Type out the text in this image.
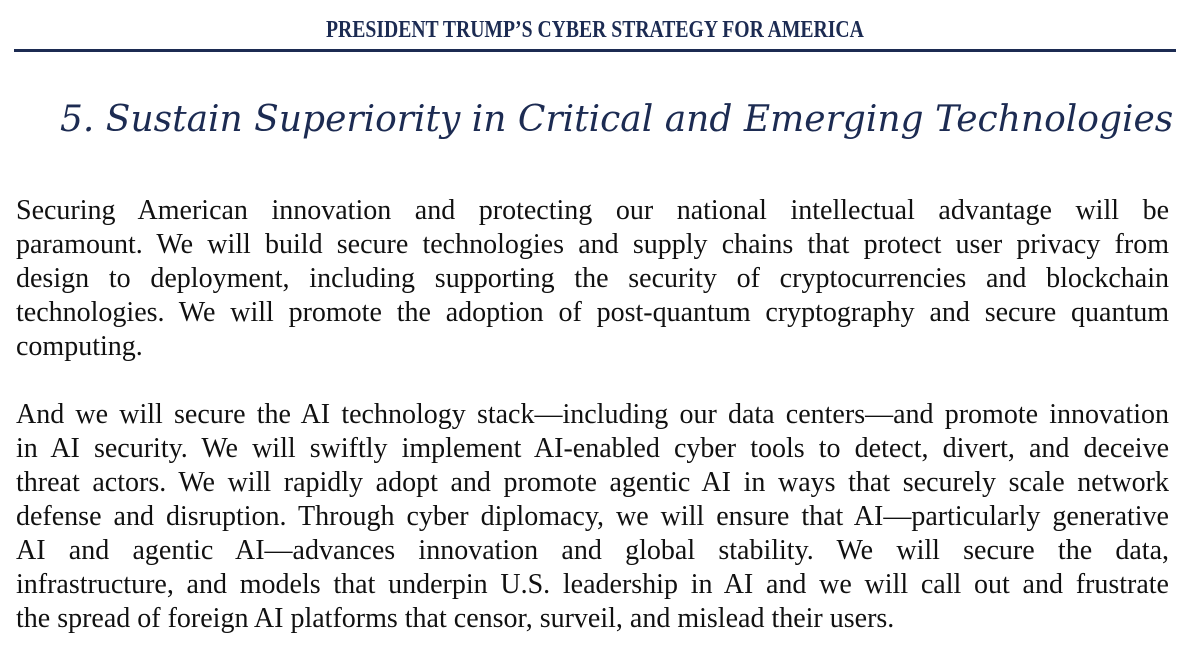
PRESIDENT TRUMP’S CYBER STRATEGY FOR AMERICA
5. Sustain Superiority in Critical and Emerging Technologies
Securing American innovation and protecting our national intellectual advantage will be
paramount. We will build secure technologies and supply chains that protect user privacy from
design to deployment, including supporting the security of cryptocurrencies and blockchain
technologies. We will promote the adoption of post-quantum cryptography and secure quantum
computing.
And we will secure the AI technology stack—including our data centers—and promote innovation
in AI security. We will swiftly implement AI-enabled cyber tools to detect, divert, and deceive
threat actors. We will rapidly adopt and promote agentic AI in ways that securely scale network
defense and disruption. Through cyber diplomacy, we will ensure that AI—particularly generative
AI and agentic AI—advances innovation and global stability. We will secure the data,
infrastructure, and models that underpin U.S. leadership in AI and we will call out and frustrate
the spread of foreign AI platforms that censor, surveil, and mislead their users.
